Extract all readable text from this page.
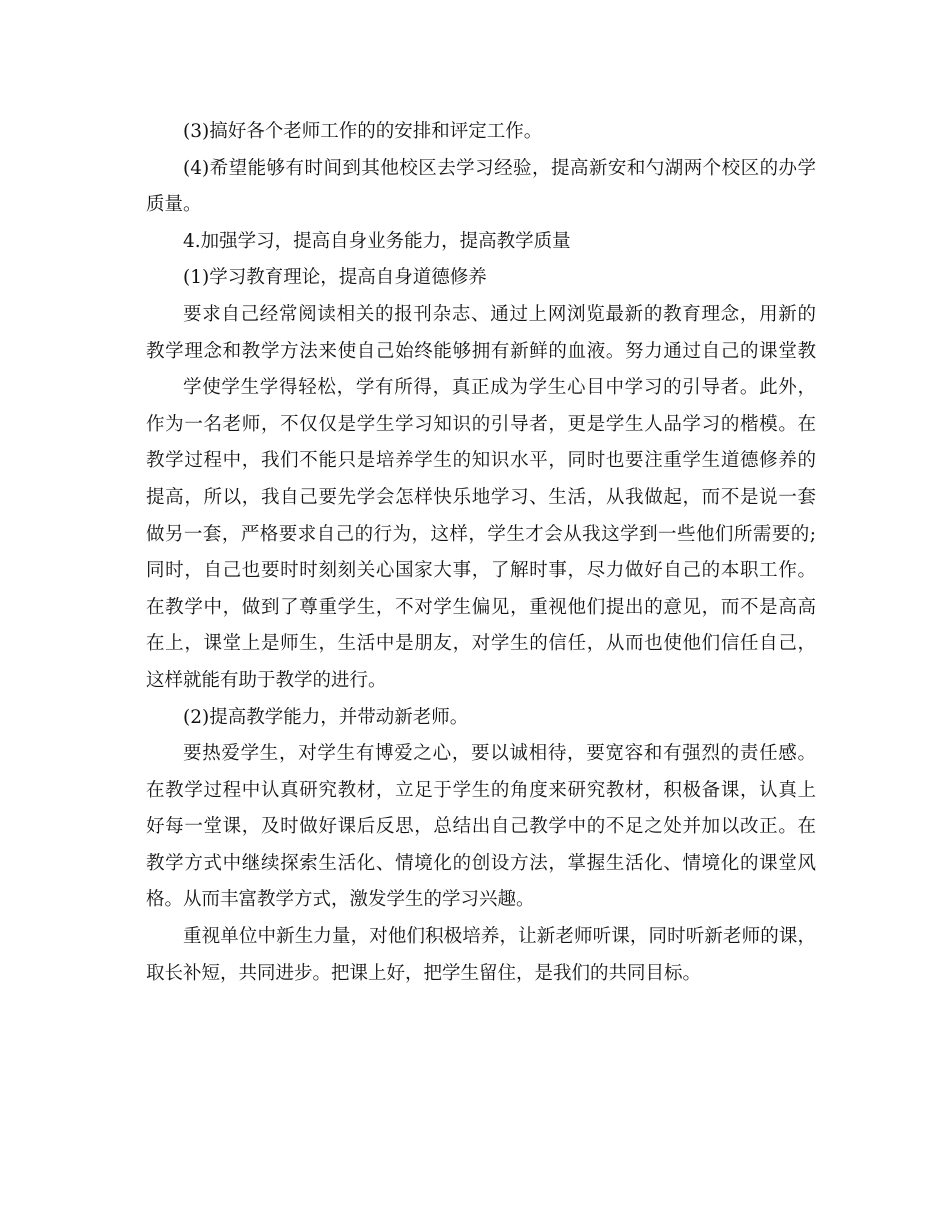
(3)搞好各个老师工作的的安排和评定工作。
(4)希望能够有时间到其他校区去学习经验，提高新安和勺湖两个校区的办学
质量。
4.加强学习，提高自身业务能力，提高教学质量
(1)学习教育理论，提高自身道德修养
要求自己经常阅读相关的报刊杂志、通过上网浏览最新的教育理念，用新的
教学理念和教学方法来使自己始终能够拥有新鲜的血液。努力通过自己的课堂教
学使学生学得轻松，学有所得，真正成为学生心目中学习的引导者。此外，
作为一名老师，不仅仅是学生学习知识的引导者，更是学生人品学习的楷模。在
教学过程中，我们不能只是培养学生的知识水平，同时也要注重学生道德修养的
提高，所以，我自己要先学会怎样快乐地学习、生活，从我做起，而不是说一套
做另一套，严格要求自己的行为，这样，学生才会从我这学到一些他们所需要的;
同时，自己也要时时刻刻关心国家大事，了解时事，尽力做好自己的本职工作。
在教学中，做到了尊重学生，不对学生偏见，重视他们提出的意见，而不是高高
在上，课堂上是师生，生活中是朋友，对学生的信任，从而也使他们信任自己，
这样就能有助于教学的进行。
(2)提高教学能力，并带动新老师。
要热爱学生，对学生有博爱之心，要以诚相待，要宽容和有强烈的责任感。
在教学过程中认真研究教材，立足于学生的角度来研究教材，积极备课，认真上
好每一堂课，及时做好课后反思，总结出自己教学中的不足之处并加以改正。在
教学方式中继续探索生活化、情境化的创设方法，掌握生活化、情境化的课堂风
格。从而丰富教学方式，激发学生的学习兴趣。
重视单位中新生力量，对他们积极培养，让新老师听课，同时听新老师的课，
取长补短，共同进步。把课上好，把学生留住，是我们的共同目标。
